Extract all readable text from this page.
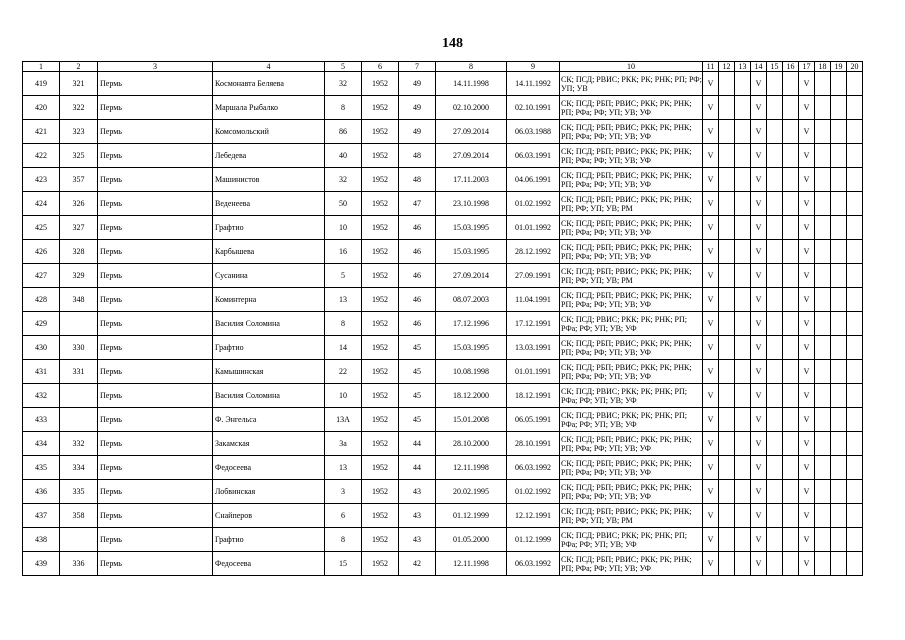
148
1	2	3	4	5	6	7	8	9	10	11	12	13	14	15	16	17	18	19	20
419	321	Пермь	Космонавта Беляева	32	1952	49	14.11.1998	14.11.1992	СК; ПСД; РВИС; РКК; РК; РНК; РП; РФ; УП; УВ	V			V			V			
420	322	Пермь	Маршала Рыбалко	8	1952	49	02.10.2000	02.10.1991	СК; ПСД; РБП; РВИС; РКК; РК; РНК; РП; РФа; РФ; УП; УВ; УФ	V			V			V			
421	323	Пермь	Комсомольский	86	1952	49	27.09.2014	06.03.1988	СК; ПСД; РБП; РВИС; РКК; РК; РНК; РП; РФа; РФ; УП; УВ; УФ	V			V			V			
422	325	Пермь	Лебедева	40	1952	48	27.09.2014	06.03.1991	СК; ПСД; РБП; РВИС; РКК; РК; РНК; РП; РФа; РФ; УП; УВ; УФ	V			V			V			
423	357	Пермь	Машинистов	32	1952	48	17.11.2003	04.06.1991	СК; ПСД; РБП; РВИС; РКК; РК; РНК; РП; РФа; РФ; УП; УВ; УФ	V			V			V			
424	326	Пермь	Веденеева	50	1952	47	23.10.1998	01.02.1992	СК; ПСД; РБП; РВИС; РКК; РК; РНК; РП; РФ; УП; УВ; РМ	V			V			V			
425	327	Пермь	Графтио	10	1952	46	15.03.1995	01.01.1992	СК; ПСД; РБП; РВИС; РКК; РК; РНК; РП; РФа; РФ; УП; УВ; УФ	V			V			V			
426	328	Пермь	Карбышева	16	1952	46	15.03.1995	28.12.1992	СК; ПСД; РБП; РВИС; РКК; РК; РНК; РП; РФа; РФ; УП; УВ; УФ	V			V			V			
427	329	Пермь	Сусанина	5	1952	46	27.09.2014	27.09.1991	СК; ПСД; РБП; РВИС; РКК; РК; РНК; РП; РФ; УП; УВ; РМ	V			V			V			
428	348	Пермь	Коминтерна	13	1952	46	08.07.2003	11.04.1991	СК; ПСД; РБП; РВИС; РКК; РК; РНК; РП; РФа; РФ; УП; УВ; УФ	V			V			V			
429		Пермь	Василия Соломина	8	1952	46	17.12.1996	17.12.1991	СК; ПСД; РВИС; РКК; РК; РНК; РП; РФа; РФ; УП; УВ; УФ	V			V			V			
430	330	Пермь	Графтио	14	1952	45	15.03.1995	13.03.1991	СК; ПСД; РБП; РВИС; РКК; РК; РНК; РП; РФа; РФ; УП; УВ; УФ	V			V			V			
431	331	Пермь	Камышинская	22	1952	45	10.08.1998	01.01.1991	СК; ПСД; РБП; РВИС; РКК; РК; РНК; РП; РФа; РФ; УП; УВ; УФ	V			V			V			
432		Пермь	Василия Соломина	10	1952	45	18.12.2000	18.12.1991	СК; ПСД; РВИС; РКК; РК; РНК; РП; РФа; РФ; УП; УВ; УФ	V			V			V			
433		Пермь	Ф. Энгельса	13А	1952	45	15.01.2008	06.05.1991	СК; ПСД; РВИС; РКК; РК; РНК; РП; РФа; РФ; УП; УВ; УФ	V			V			V			
434	332	Пермь	Закамская	3а	1952	44	28.10.2000	28.10.1991	СК; ПСД; РБП; РВИС; РКК; РК; РНК; РП; РФа; РФ; УП; УВ; УФ	V			V			V			
435	334	Пермь	Федосеева	13	1952	44	12.11.1998	06.03.1992	СК; ПСД; РБП; РВИС; РКК; РК; РНК; РП; РФа; РФ; УП; УВ; УФ	V			V			V			
436	335	Пермь	Лобвинская	3	1952	43	20.02.1995	01.02.1992	СК; ПСД; РБП; РВИС; РКК; РК; РНК; РП; РФа; РФ; УП; УВ; УФ	V			V			V			
437	358	Пермь	Снайперов	6	1952	43	01.12.1999	12.12.1991	СК; ПСД; РБП; РВИС; РКК; РК; РНК; РП; РФ; УП; УВ; РМ	V			V			V			
438		Пермь	Графтио	8	1952	43	01.05.2000	01.12.1999	СК; ПСД; РВИС; РКК; РК; РНК; РП; РФа; РФ; УП; УВ; УФ	V			V			V			
439	336	Пермь	Федосеева	15	1952	42	12.11.1998	06.03.1992	СК; ПСД; РБП; РВИС; РКК; РК; РНК; РП; РФа; РФ; УП; УВ; УФ	V			V			V			
